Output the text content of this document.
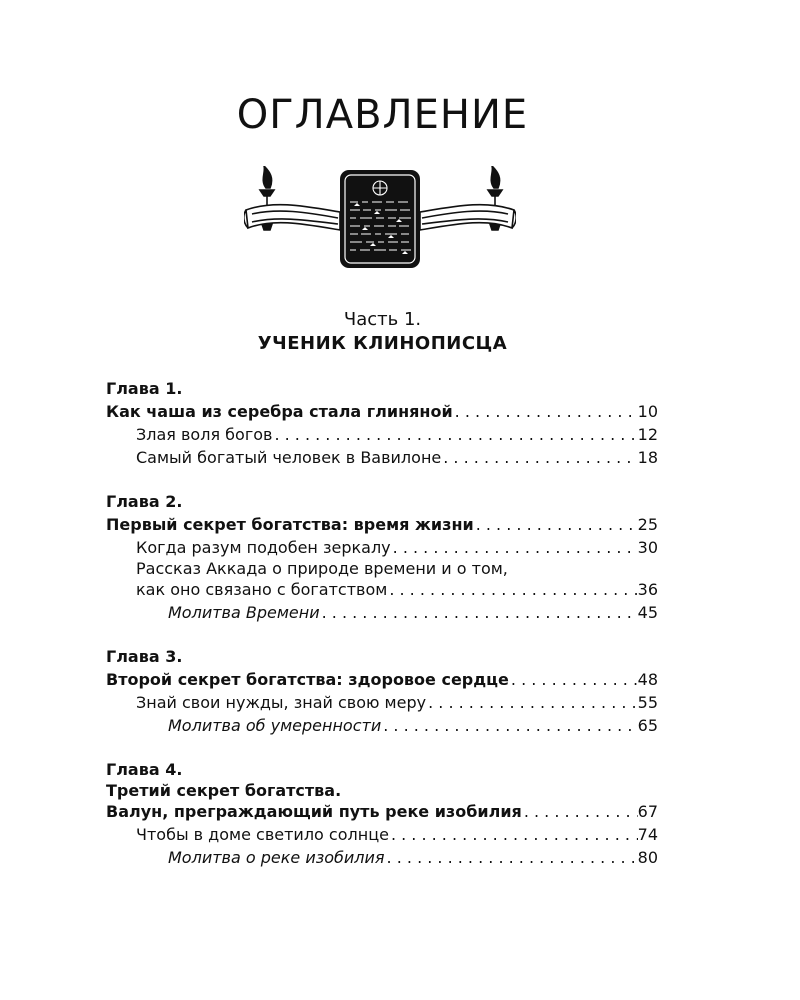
ОГЛАВЛЕНИЕ
Часть 1.
УЧЕНИК КЛИНОПИСЦА
Глава 1.
Как чаша из серебра стала глиняной . . .	10
Злая воля богов . . .	12
Самый богатый человек в Вавилоне . . .	18
Глава 2.
Первый секрет богатства: время жизни . . .	25
Когда разум подобен зеркалу . . .	30
Рассказ Аккада о природе времени и о том,
как оно связано с богатством . . .	36
Молитва Времени . . .	45
Глава 3.
Второй секрет богатства: здоровое сердце . . .	48
Знай свои нужды, знай свою меру . . .	55
Молитва об умеренности . . .	65
Глава 4.
Третий секрет богатства.
Валун, преграждающий путь реке изобилия . . .	67
Чтобы в доме светило солнце . . .	74
Молитва о реке изобилия . . .	80
